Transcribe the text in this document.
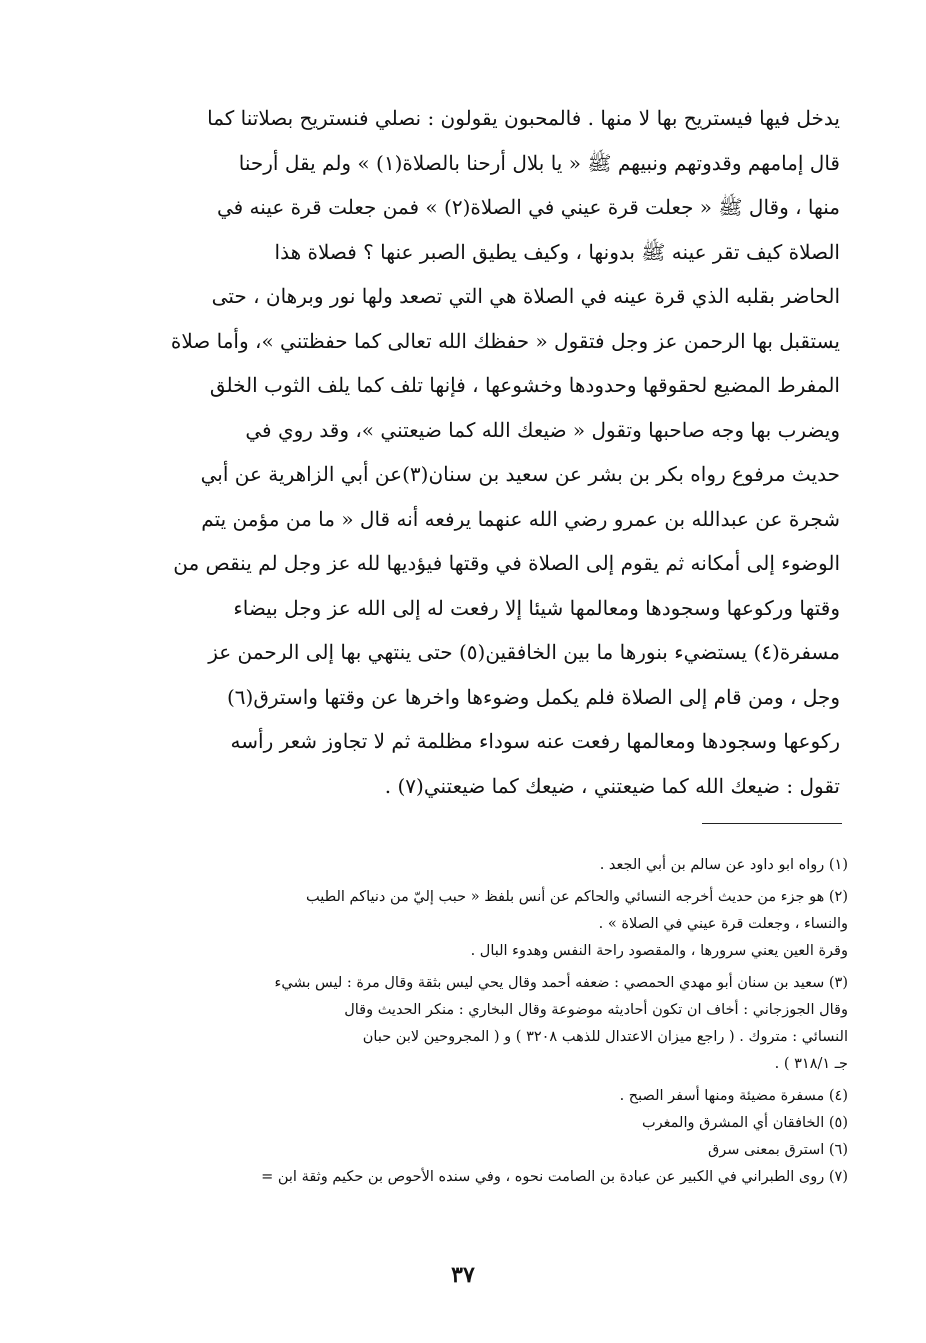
يدخل فيها فيستريح بها لا منها . فالمحبون يقولون : نصلي فنستريح بصلاتنا كما
قال إمامهم وقدوتهم ونبيهم ﷺ « يا بلال أرحنا بالصلاة(١) » ولم يقل أرحنا
منها ، وقال ﷺ « جعلت قرة عيني في الصلاة(٢) » فمن جعلت قرة عينه في
الصلاة كيف تقر عينه ﷺ بدونها ، وكيف يطيق الصبر عنها ؟ فصلاة هذا
الحاضر بقلبه الذي قرة عينه في الصلاة هي التي تصعد ولها نور وبرهان ، حتى
يستقبل بها الرحمن عز وجل فتقول « حفظك الله تعالى كما حفظتني »، وأما صلاة
المفرط المضيع لحقوقها وحدودها وخشوعها ، فإنها تلف كما يلف الثوب الخلق
ويضرب بها وجه صاحبها وتقول « ضيعك الله كما ضيعتني »، وقد روي في
حديث مرفوع رواه بكر بن بشر عن سعيد بن سنان(٣)عن أبي الزاهرية عن أبي
شجرة عن عبدالله بن عمرو رضي الله عنهما يرفعه أنه قال « ما من مؤمن يتم
الوضوء إلى أمكانه ثم يقوم إلى الصلاة في وقتها فيؤديها لله عز وجل لم ينقص من
وقتها وركوعها وسجودها ومعالمها شيئا إلا رفعت له إلى الله عز وجل بيضاء
مسفرة(٤) يستضيء بنورها ما بين الخافقين(٥) حتى ينتهي بها إلى الرحمن عز
وجل ، ومن قام إلى الصلاة فلم يكمل وضوءها واخرها عن وقتها واسترق(٦)
ركوعها وسجودها ومعالمها رفعت عنه سوداء مظلمة ثم لا تجاوز شعر رأسه
تقول : ضيعك الله كما ضيعتني ، ضيعك كما ضيعتني(٧) .
(١) رواه ابو داود عن سالم بن أبي الجعد .
(٢) هو جزء من حديث أخرجه النسائي والحاكم عن أنس بلفظ « حبب إليّ من دنياكم الطيب
والنساء ، وجعلت قرة عيني في الصلاة » .
وقرة العين يعني سرورها ، والمقصود راحة النفس وهدوء البال .
(٣) سعيد بن سنان أبو مهدي الحمصي : ضعفه أحمد وقال يحي ليس بثقة وقال مرة : ليس بشيء
وقال الجوزجاني : أخاف ان تكون أحاديثه موضوعة وقال البخاري : منكر الحديث وقال
النسائي : متروك . ( راجع ميزان الاعتدال للذهب ٣٢٠٨ ) و ( المجروحين لابن حبان
جـ ٣١٨/١ ) .
(٤) مسفرة مضيئة ومنها أسفر الصبح .
(٥) الخافقان أي المشرق والمغرب
(٦) استرق بمعنى سرق
(٧) روى الطبراني في الكبير عن عبادة بن الصامت نحوه ، وفي سنده الأحوص بن حكيم وثقة ابن =
٣٧
